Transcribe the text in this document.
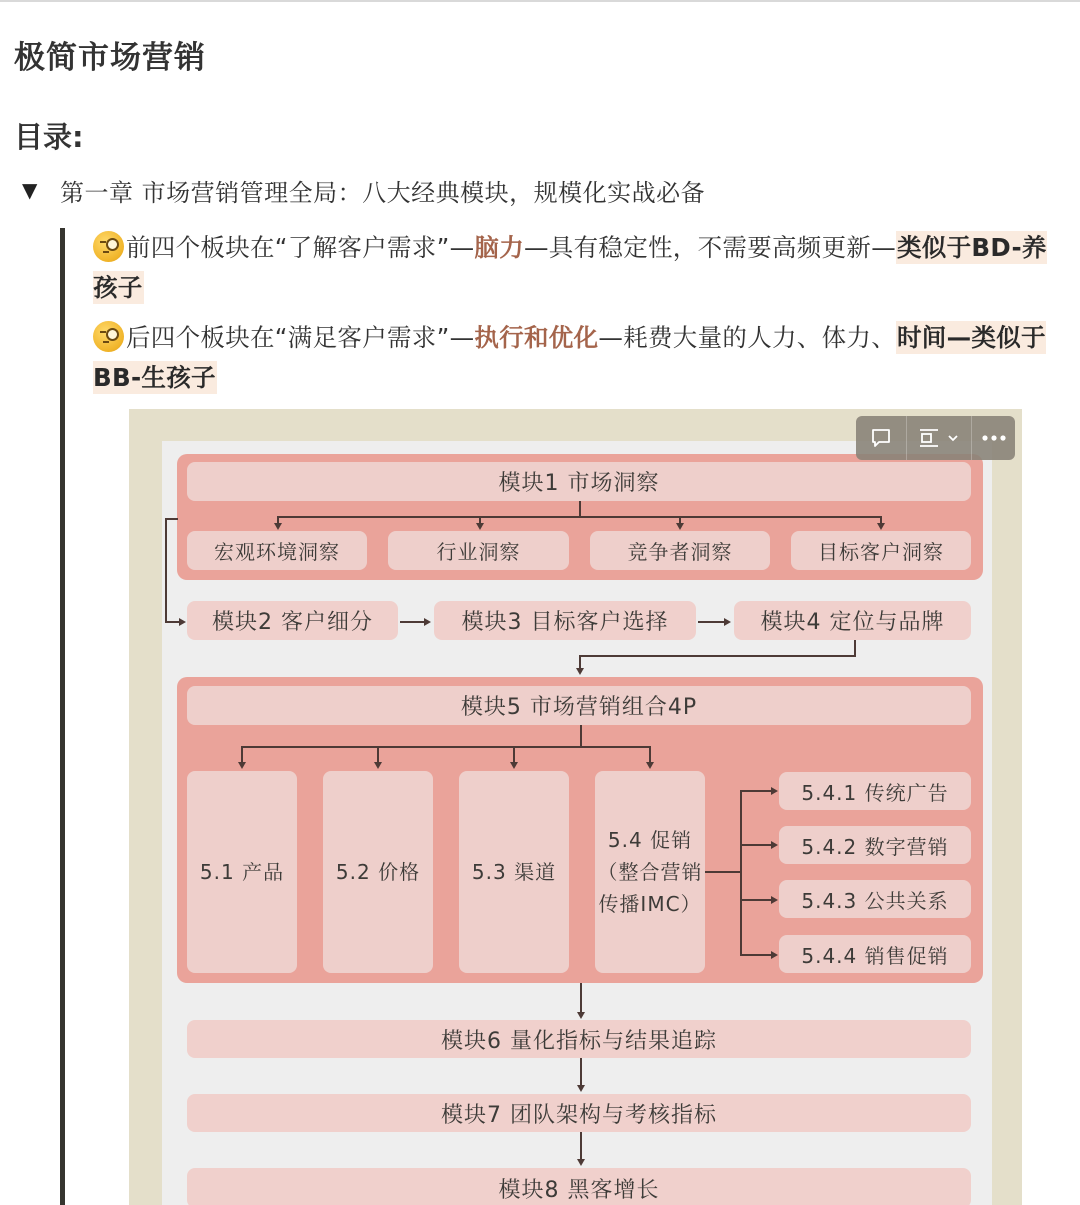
极简市场营销
目录:
▼ 第一章 市场营销管理全局：八大经典模块，规模化实战必备

前四个板块在“了解客户需求”—脑力—具有稳定性，不需要高频更新—类似于BD-养孩子

后四个板块在“满足客户需求”—执行和优化—耗费大量的人力、体力、时间—类似于BB-生孩子

模块1 市场洞察
宏观环境洞察	行业洞察	竞争者洞察	目标客户洞察
模块2 客户细分	模块3 目标客户选择	模块4 定位与品牌
模块5 市场营销组合4P
5.1 产品	5.2 价格	5.3 渠道
5.4 促销
（整合营销
传播IMC）
5.4.1 传统广告
5.4.2 数字营销
5.4.3 公共关系
5.4.4 销售促销
模块6 量化指标与结果追踪
模块7 团队架构与考核指标
模块8 黑客增长
